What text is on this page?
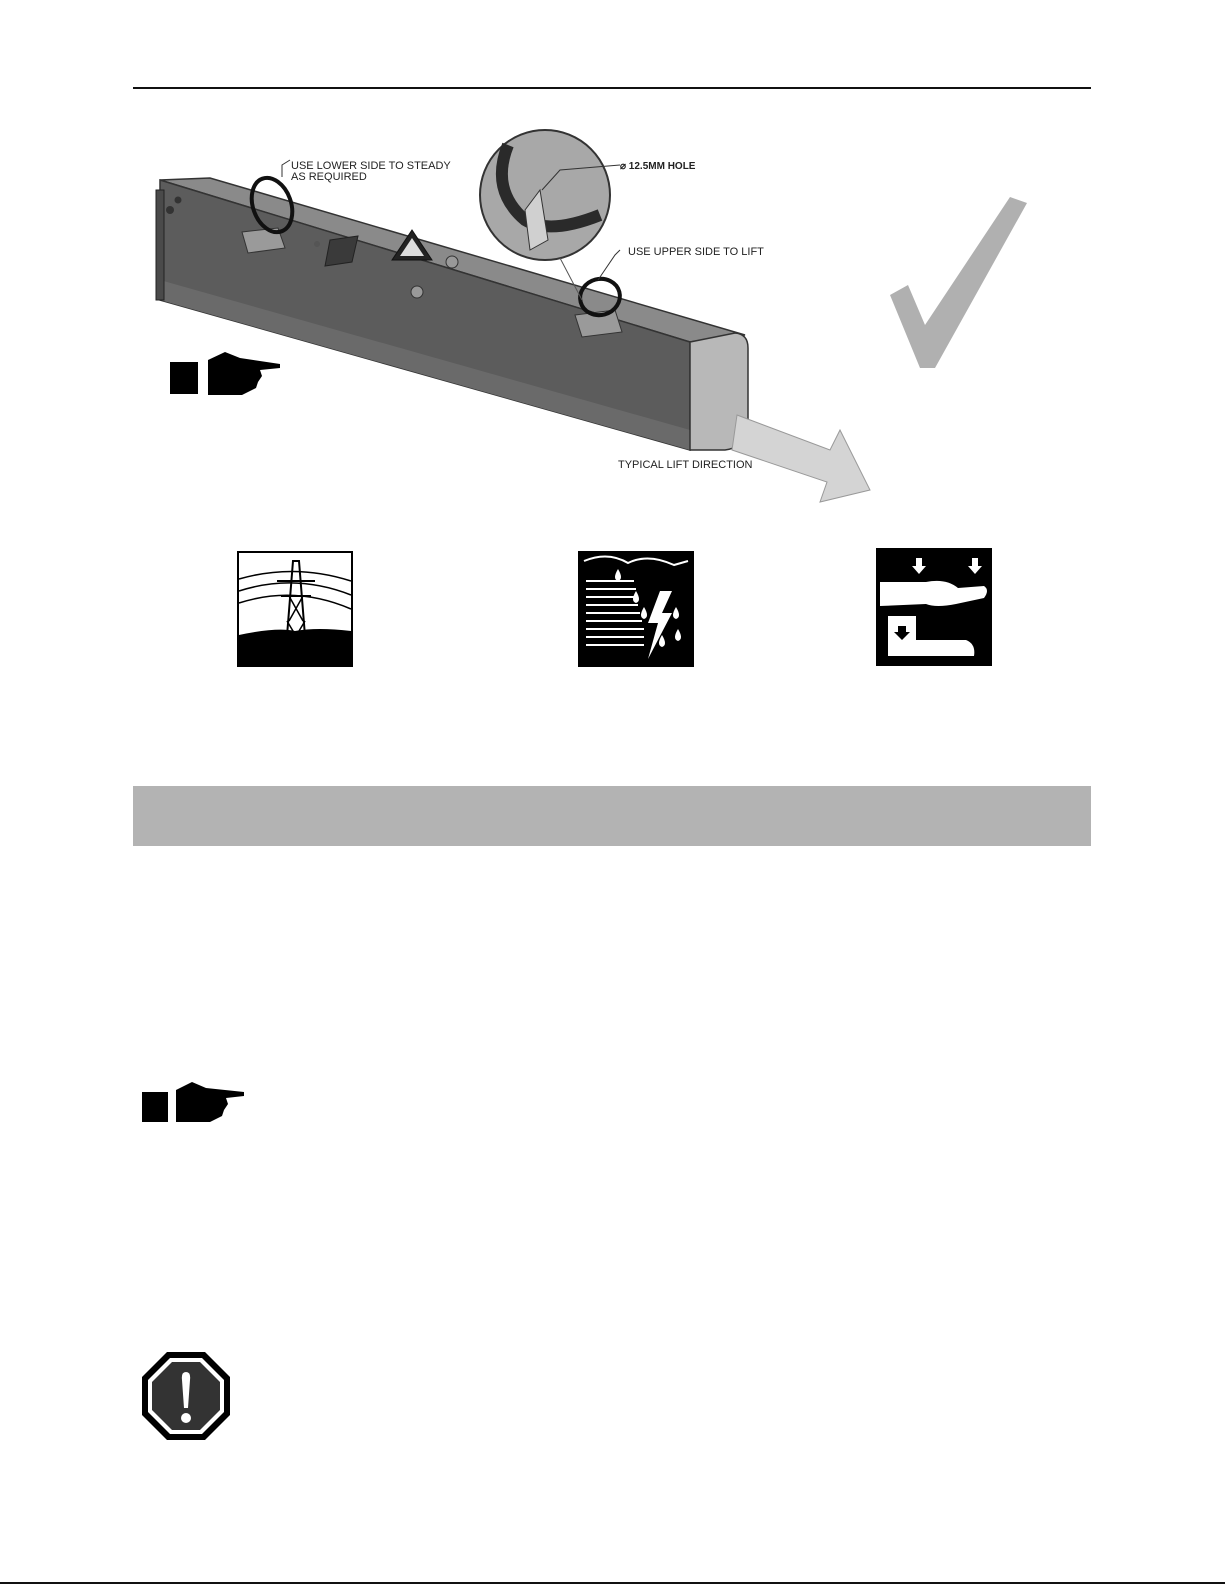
USE LOWER SIDE TO STEADY
AS REQUIRED
⌀ 12.5MM HOLE
USE UPPER SIDE TO LIFT
TYPICAL LIFT DIRECTION
